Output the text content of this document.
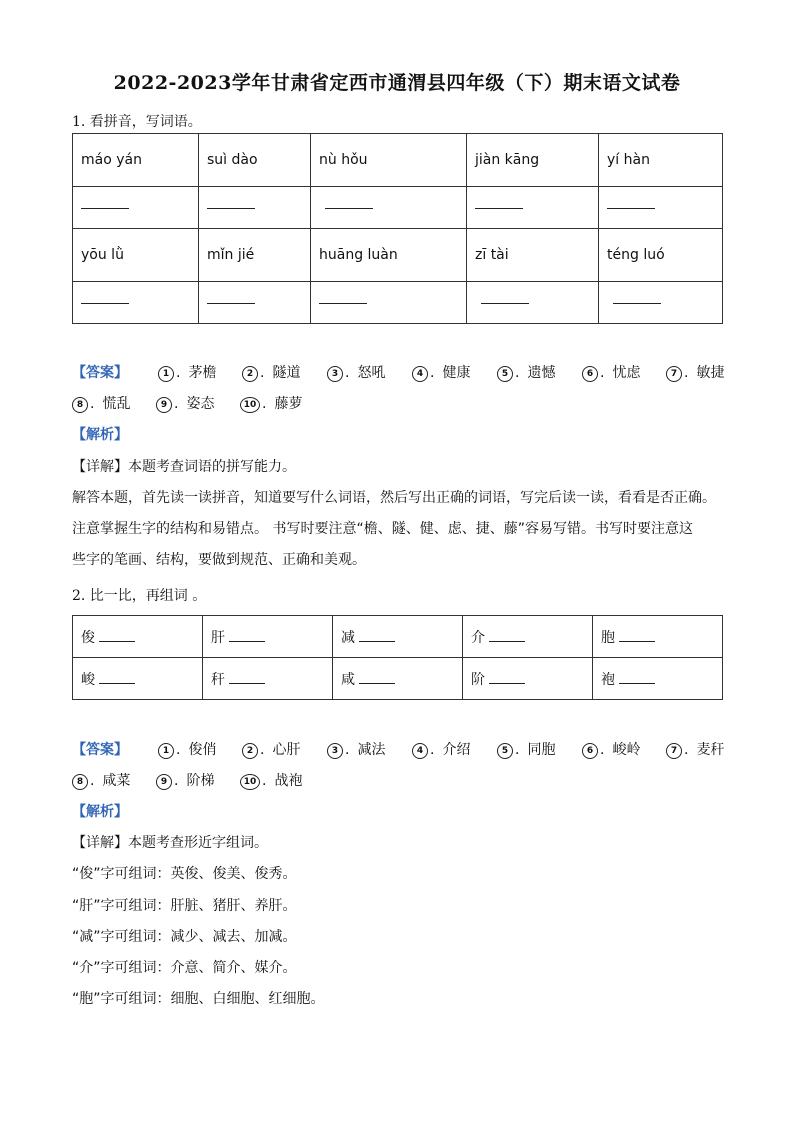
2022-2023学年甘肃省定西市通渭县四年级（下）期末语文试卷
1. 看拼音，写词语。
máo yán	suì dào	nù hǒu	jiàn kāng	yí hàn

yōu lǜ	mǐn jié	huāng luàn	zī tài	téng luó

【答案】	1 . 茅檐	2 . 隧道	3 . 怒吼	4 . 健康	5 . 遗憾	6 . 忧虑	7 . 敏捷
8 . 慌乱	9 . 姿态	10 . 藤萝
【解析】
【详解】本题考查词语的拼写能力。
解答本题，首先读一读拼音，知道要写什么词语，然后写出正确的词语，写完后读一读，看看是否正确。
注意掌握生字的结构和易错点。 书写时要注意“檐、隧、健、虑、捷、藤”容易写错。书写时要注意这
些字的笔画、结构，要做到规范、正确和美观。
2. 比一比，再组词 。
俊	肝	减	介	胞
峻	秆	咸	阶	袍
【答案】	1 . 俊俏	2 . 心肝	3 . 减法	4 . 介绍	5 . 同胞	6 . 峻岭	7 . 麦秆
8 . 咸菜	9 . 阶梯	10 . 战袍
【解析】
【详解】本题考查形近字组词。
“俊”字可组词：英俊、俊美、俊秀。
“肝”字可组词：肝脏、猪肝、养肝。
“减”字可组词：减少、减去、加减。
“介”字可组词：介意、简介、媒介。
“胞”字可组词：细胞、白细胞、红细胞。
